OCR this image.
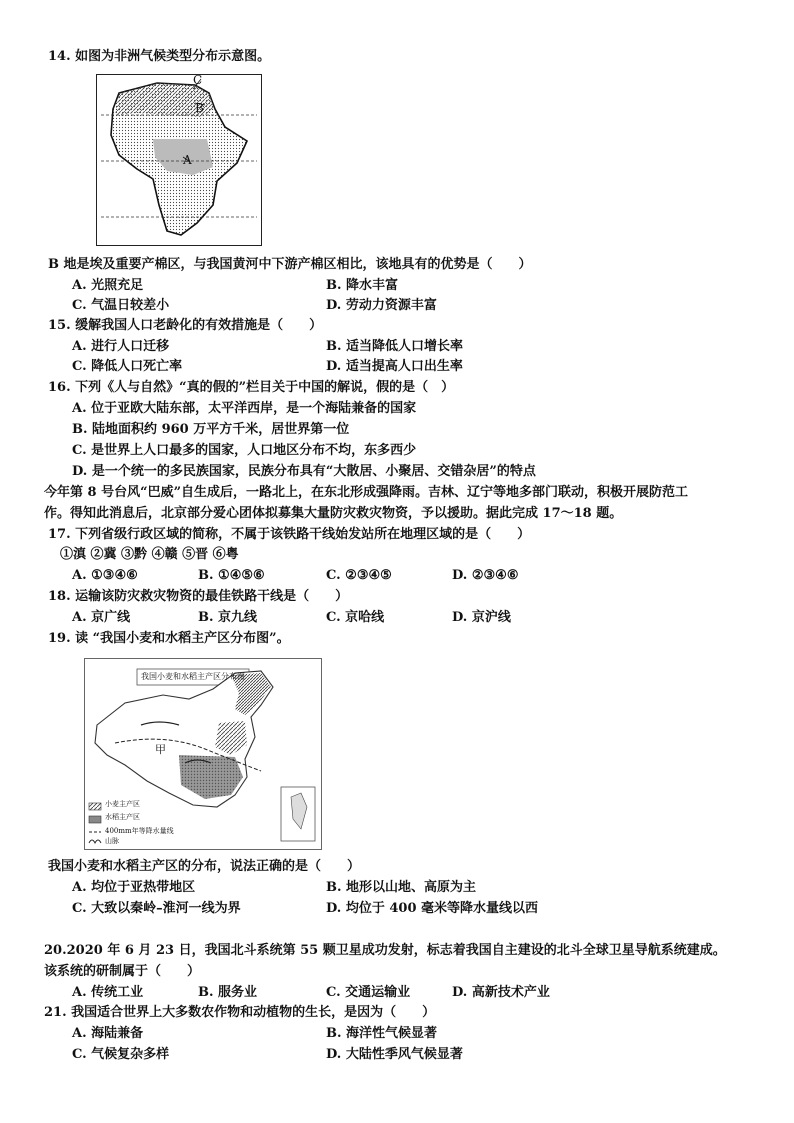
14. 如图为非洲气候类型分布示意图。
C
B
A
B 地是埃及重要产棉区，与我国黄河中下游产棉区相比，该地具有的优势是（　　）
A. 光照充足	B. 降水丰富
C. 气温日较差小	D. 劳动力资源丰富
15. 缓解我国人口老龄化的有效措施是（　　）
A. 进行人口迁移	B. 适当降低人口增长率
C. 降低人口死亡率	D. 适当提高人口出生率
16. 下列《人与自然》“真的假的”栏目关于中国的解说，假的是（　）
A. 位于亚欧大陆东部，太平洋西岸，是一个海陆兼备的国家
B. 陆地面积约 960 万平方千米，居世界第一位
C. 是世界上人口最多的国家，人口地区分布不均，东多西少
D. 是一个统一的多民族国家，民族分布具有“大散居、小聚居、交错杂居”的特点
今年第 8 号台风“巴威”自生成后，一路北上，在东北形成强降雨。吉林、辽宁等地多部门联动，积极开展防范工
作。得知此消息后，北京部分爱心团体拟募集大量防灾救灾物资，予以援助。据此完成 17～18 题。
17. 下列省级行政区域的简称，不属于该铁路干线始发站所在地理区域的是（　　）
①滇 ②冀 ③黔 ④赣 ⑤晋 ⑥粤
A. ①③④⑥	B. ①④⑤⑥	C. ②③④⑤	D. ②③④⑥
18. 运输该防灾救灾物资的最佳铁路干线是（　　）
A. 京广线	B. 京九线	C. 京哈线	D. 京沪线
19. 读 “我国小麦和水稻主产区分布图”。
我国小麦和水稻主产区分布图
甲
小麦主产区
水稻主产区
400mm年等降水量线
山脉
我国小麦和水稻主产区的分布，说法正确的是（　　）
A. 均位于亚热带地区	B. 地形以山地、高原为主
C. 大致以秦岭–淮河一线为界	D. 均位于 400 毫米等降水量线以西
20.2020 年 6 月 23 日，我国北斗系统第 55 颗卫星成功发射，标志着我国自主建设的北斗全球卫星导航系统建成。
该系统的研制属于（　　）
A. 传统工业	B. 服务业	C. 交通运输业	D. 高新技术产业
21. 我国适合世界上大多数农作物和动植物的生长，是因为（　　）
A. 海陆兼备	B. 海洋性气候显著
C. 气候复杂多样	D. 大陆性季风气候显著
